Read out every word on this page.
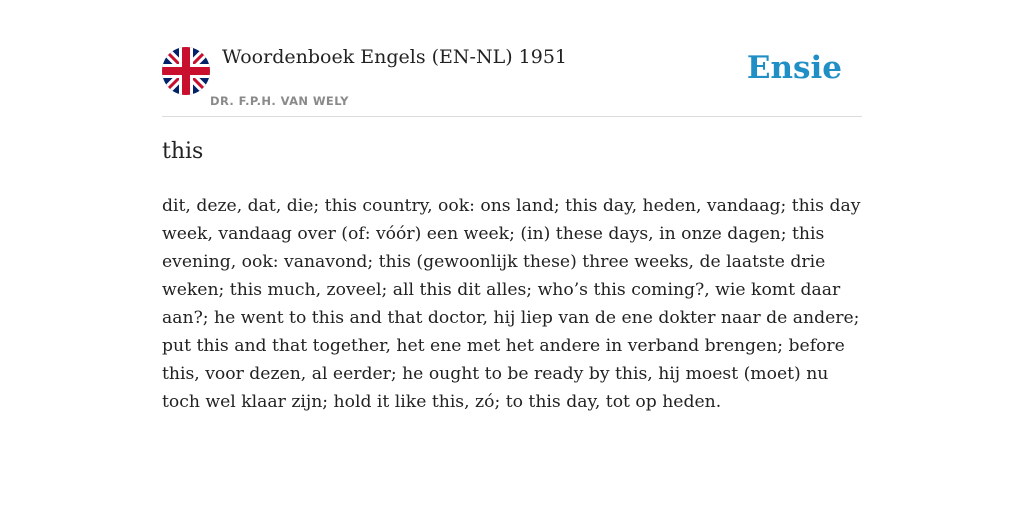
Woordenboek Engels (EN-NL) 1951
DR. F.P.H. VAN WELY
Ensie
this

dit, deze, dat, die; this country, ook: ons land; this day, heden, vandaag; this day week, vandaag over (of: vóór) een week; (in) these days, in onze dagen; this evening, ook: vanavond; this (gewoonlijk these) three weeks, de laatste drie weken; this much, zoveel; all this dit alles; who’s this coming?, wie komt daar aan?; he went to this and that doctor, hij liep van de ene dokter naar de andere; put this and that together, het ene met het andere in verband brengen; before this, voor dezen, al eerder; he ought to be ready by this, hij moest (moet) nu toch wel klaar zijn; hold it like this, zó; to this day, tot op heden.
